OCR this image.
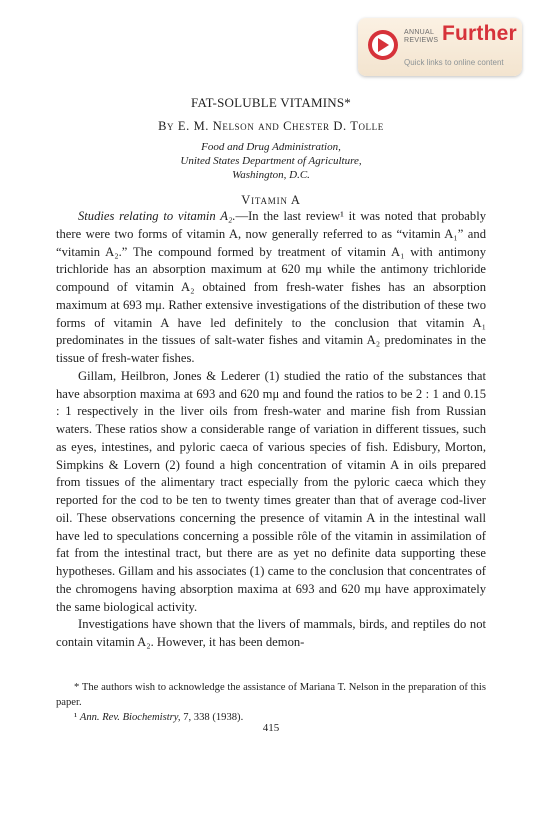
ANNUAL
REVIEWS Further
Quick links to online content
FAT-SOLUBLE VITAMINS*
By E. M. Nelson and Chester D. Tolle
Food and Drug Administration,
United States Department of Agriculture,
Washington, D.C.
Vitamin A

Studies relating to vitamin A₂.—In the last review¹ it was noted that probably there were two forms of vitamin A, now generally referred to as “vitamin A₁” and “vitamin A₂.” The compound formed by treatment of vitamin A₁ with antimony trichloride has an absorption maximum at 620 mμ while the antimony trichloride compound of vitamin A₂ obtained from fresh-water fishes has an absorption maximum at 693 mμ. Rather extensive investigations of the distribution of these two forms of vitamin A have led definitely to the conclusion that vitamin A₁ predominates in the tissues of salt-water fishes and vitamin A₂ predominates in the tissue of fresh-water fishes.

Gillam, Heilbron, Jones & Lederer (1) studied the ratio of the substances that have absorption maxima at 693 and 620 mμ and found the ratios to be 2 : 1 and 0.15 : 1 respectively in the liver oils from fresh-water and marine fish from Russian waters. These ratios show a considerable range of variation in different tissues, such as eyes, intestines, and pyloric caeca of various species of fish. Edisbury, Morton, Simpkins & Lovern (2) found a high concentration of vitamin A in oils prepared from tissues of the alimentary tract especially from the pyloric caeca which they reported for the cod to be ten to twenty times greater than that of average cod-liver oil. These observations concerning the presence of vitamin A in the intestinal wall have led to speculations concerning a possible rôle of the vitamin in assimilation of fat from the intestinal tract, but there are as yet no definite data supporting these hypotheses. Gillam and his associates (1) came to the conclusion that concentrates of the chromogens having absorption maxima at 693 and 620 mμ have approximately the same biological activity.

Investigations have shown that the livers of mammals, birds, and reptiles do not contain vitamin A₂. However, it has been demon-

* The authors wish to acknowledge the assistance of Mariana T. Nelson in the preparation of this paper.

¹ Ann. Rev. Biochemistry, 7, 338 (1938).

415
